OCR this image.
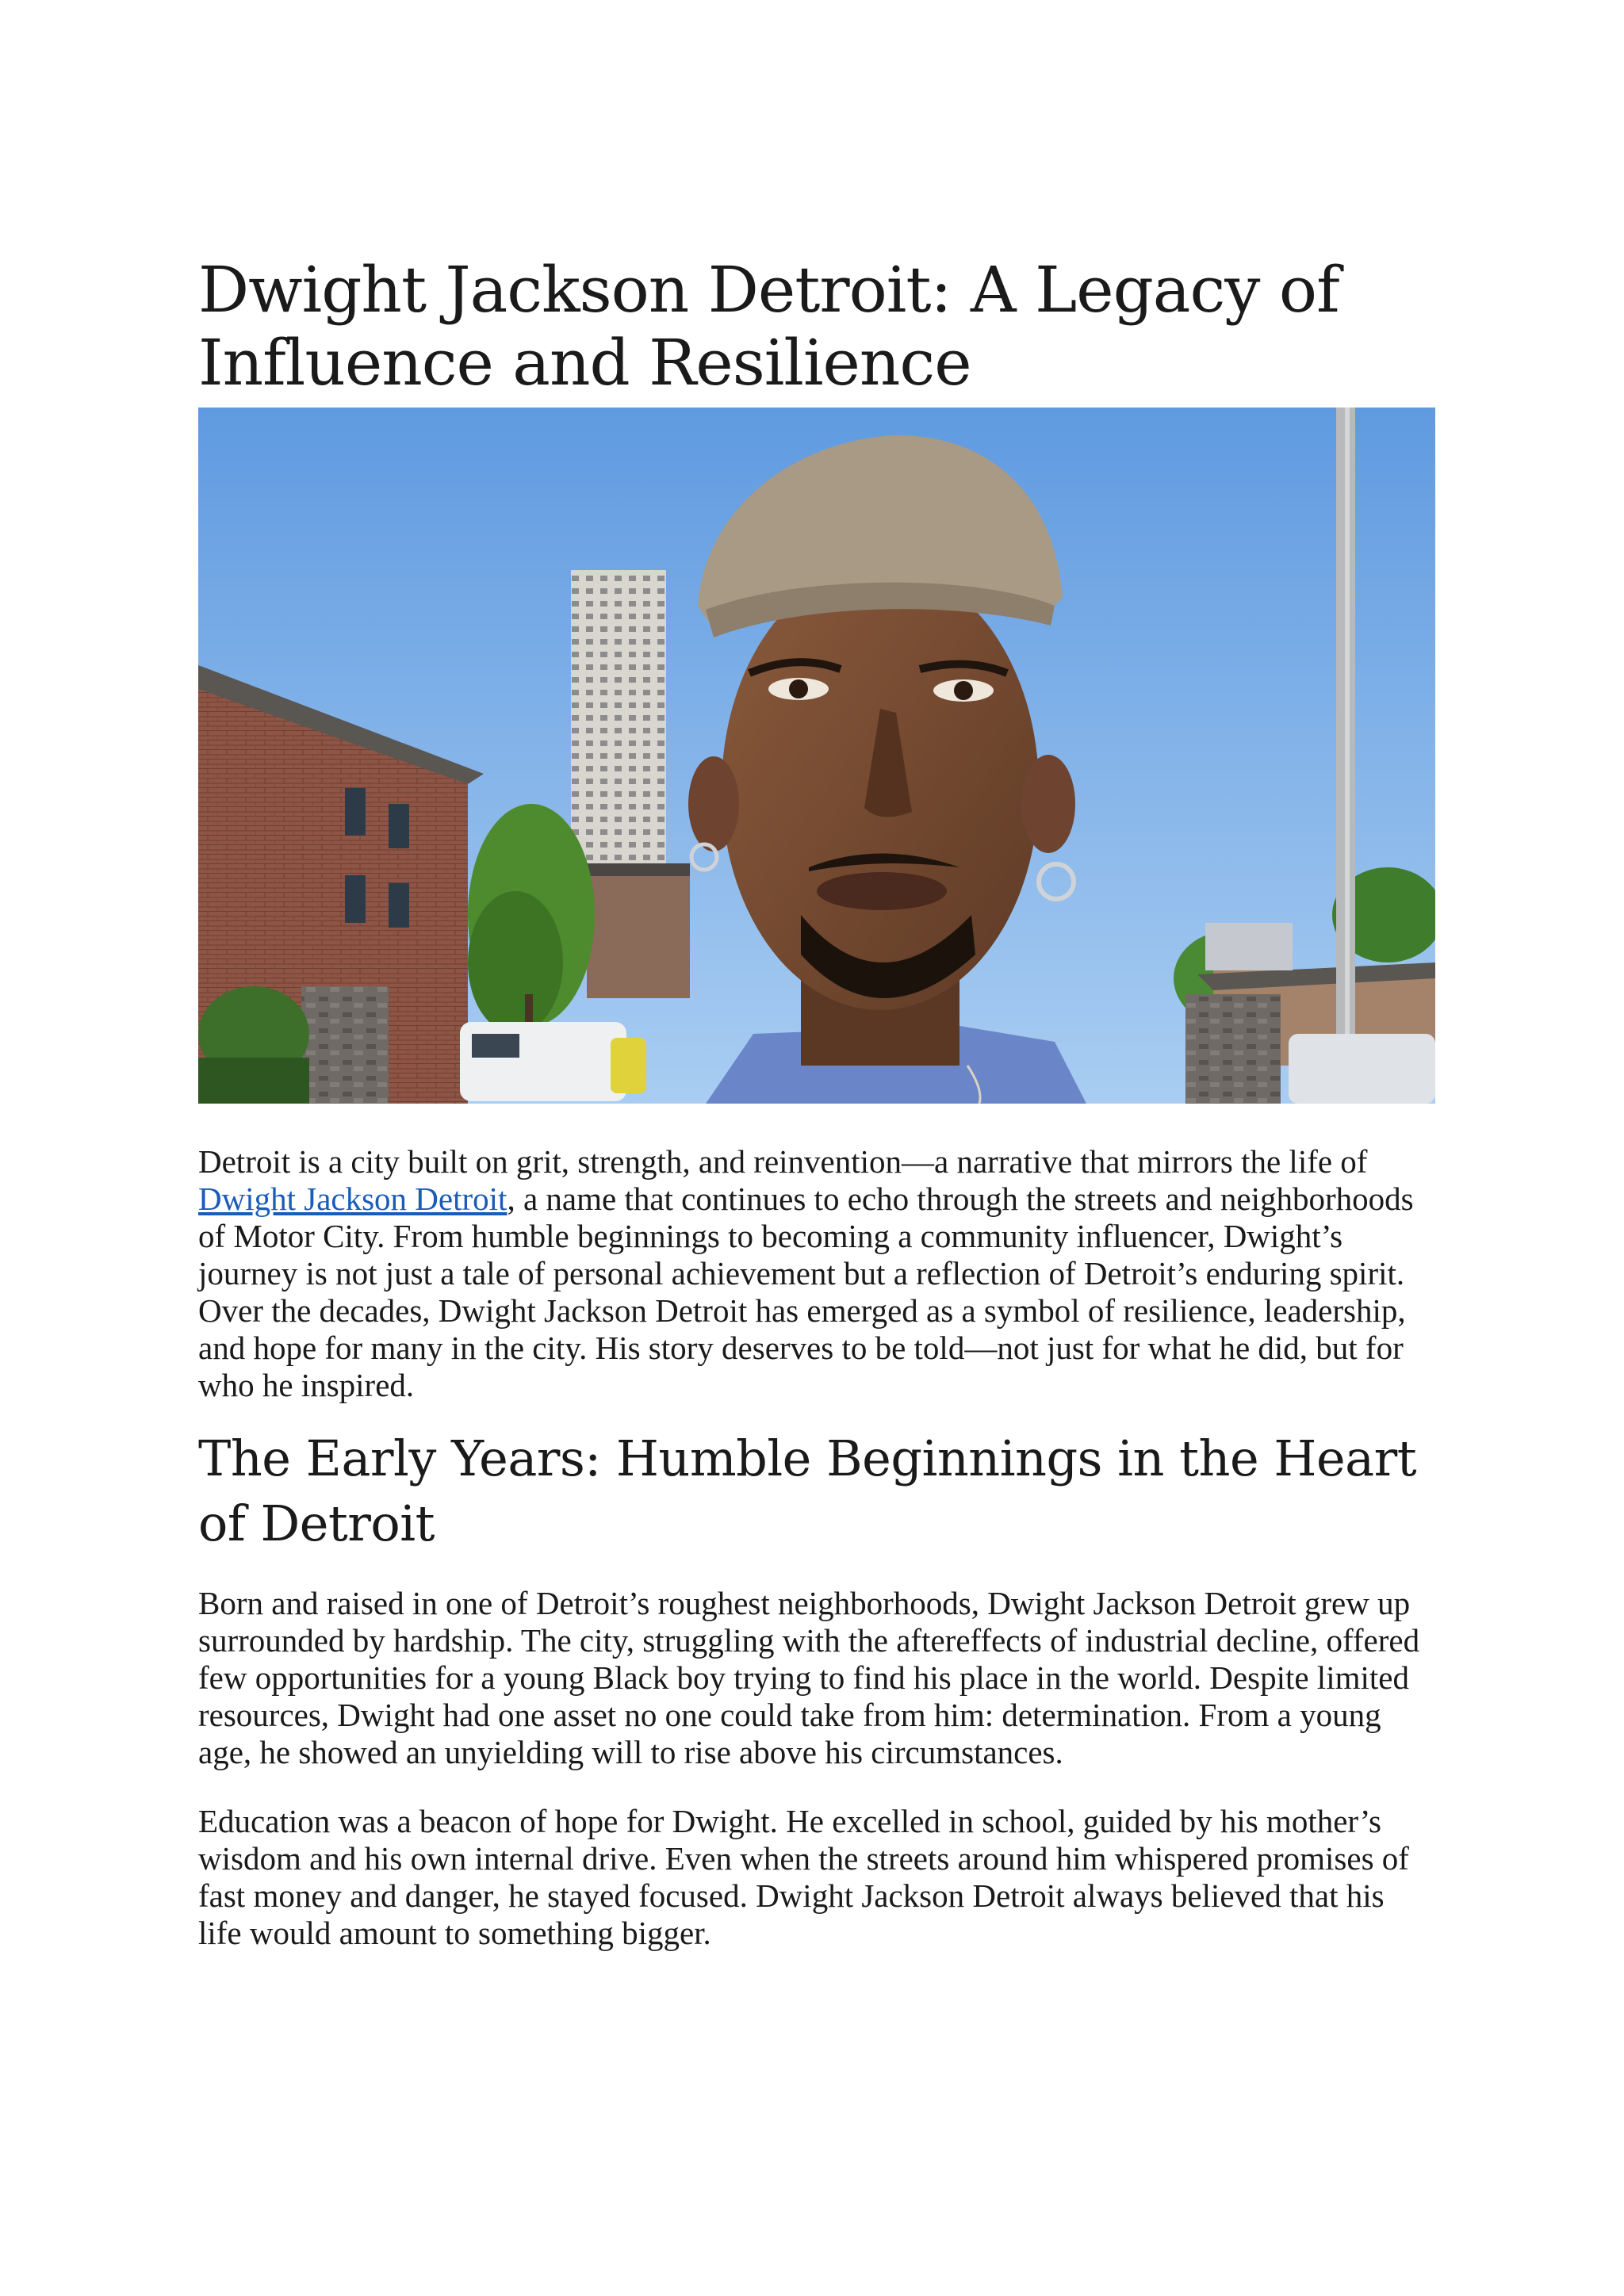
Dwight Jackson Detroit: A Legacy of Influence and Resilience

Detroit is a city built on grit, strength, and reinvention—a narrative that mirrors the life of Dwight Jackson Detroit, a name that continues to echo through the streets and neighborhoods of Motor City. From humble beginnings to becoming a community influencer, Dwight’s journey is not just a tale of personal achievement but a reflection of Detroit’s enduring spirit. Over the decades, Dwight Jackson Detroit has emerged as a symbol of resilience, leadership, and hope for many in the city. His story deserves to be told—not just for what he did, but for who he inspired.

The Early Years: Humble Beginnings in the Heart of Detroit

Born and raised in one of Detroit’s roughest neighborhoods, Dwight Jackson Detroit grew up surrounded by hardship. The city, struggling with the aftereffects of industrial decline, offered few opportunities for a young Black boy trying to find his place in the world. Despite limited resources, Dwight had one asset no one could take from him: determination. From a young age, he showed an unyielding will to rise above his circumstances.

Education was a beacon of hope for Dwight. He excelled in school, guided by his mother’s wisdom and his own internal drive. Even when the streets around him whispered promises of fast money and danger, he stayed focused. Dwight Jackson Detroit always believed that his life would amount to something bigger.
